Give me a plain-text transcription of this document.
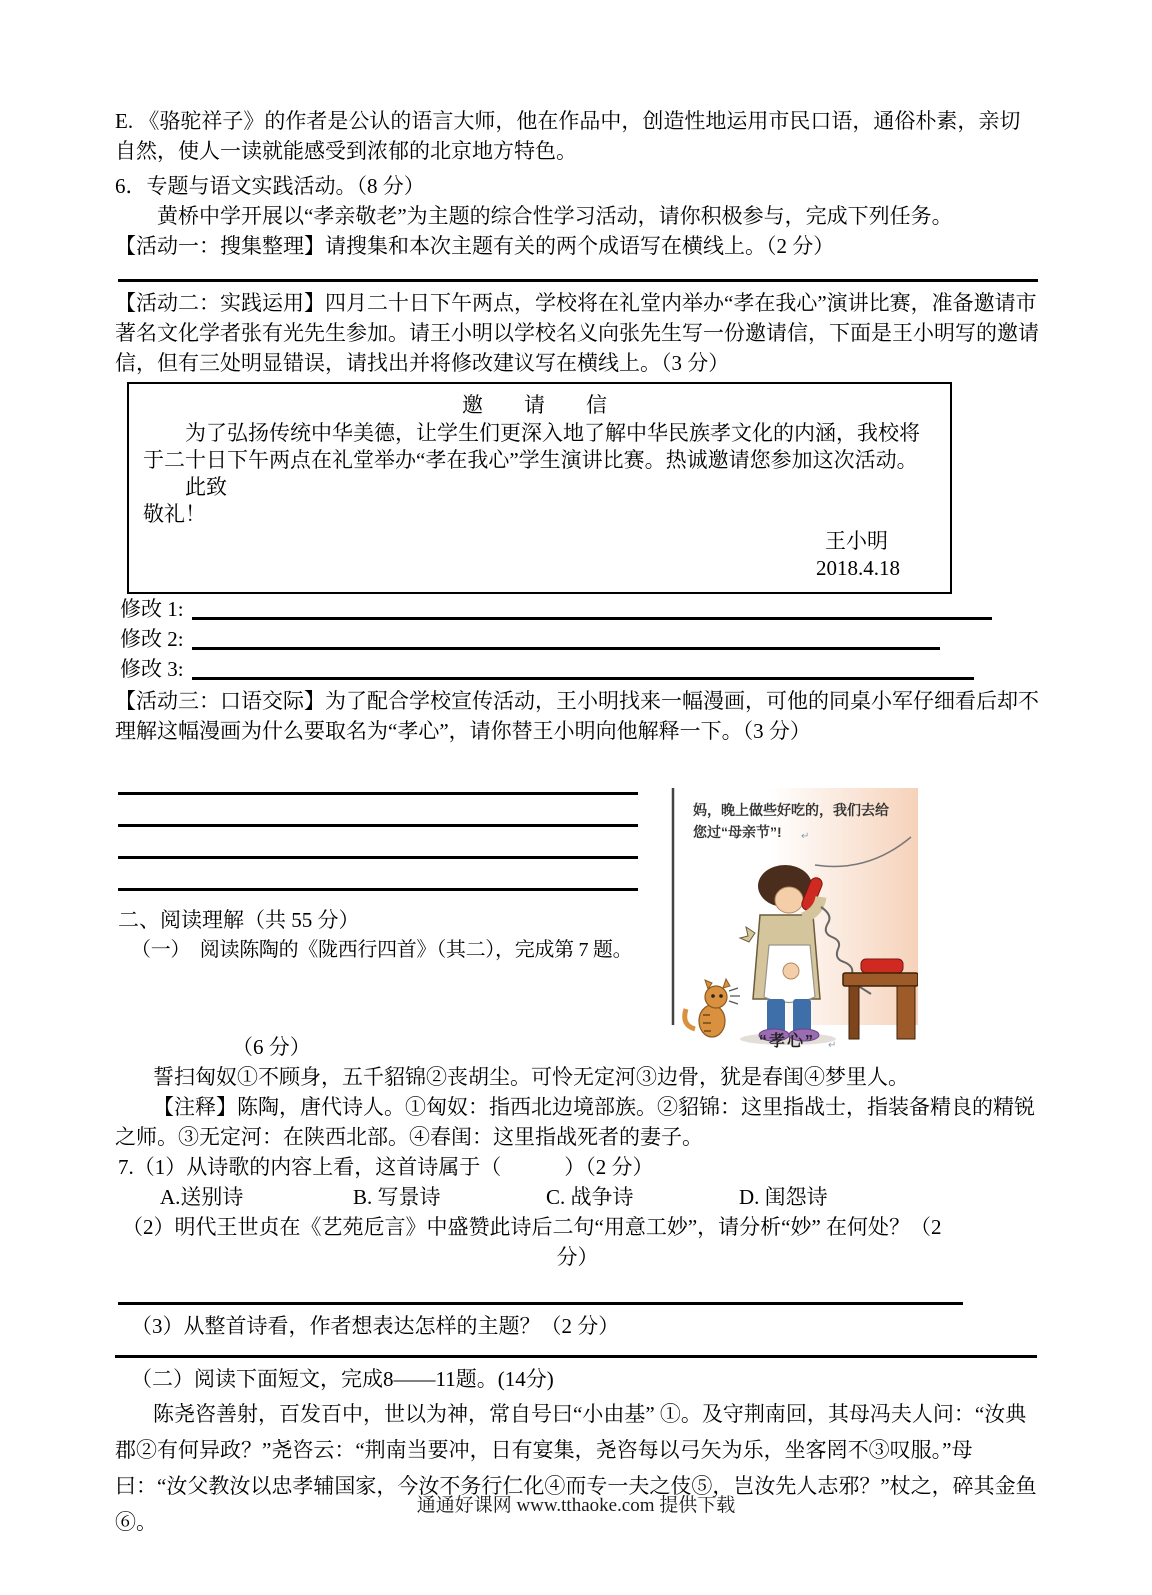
E. 《骆驼祥子》的作者是公认的语言大师，他在作品中，创造性地运用市民口语，通俗朴素，亲切自然，使人一读就能感受到浓郁的北京地方特色。

6．专题与语文实践活动。（8 分）

黄桥中学开展以“孝亲敬老”为主题的综合性学习活动，请你积极参与，完成下列任务。

【活动一：搜集整理】请搜集和本次主题有关的两个成语写在横线上。（2 分）

【活动二：实践运用】四月二十日下午两点，学校将在礼堂内举办“孝在我心”演讲比赛，准备邀请市著名文化学者张有光先生参加。请王小明以学校名义向张先生写一份邀请信，下面是王小明写的邀请信，但有三处明显错误，请找出并将修改建议写在横线上。（3 分）

邀　请　信

为了弘扬传统中华美德，让学生们更深入地了解中华民族孝文化的内涵，我校将于二十日下午两点在礼堂举办“孝在我心”学生演讲比赛。热诚邀请您参加这次活动。

此致

敬礼！

王小明

2018.4.18

修改 1:
修改 2:
修改 3:

【活动三：口语交际】为了配合学校宣传活动，王小明找来一幅漫画，可他的同桌小军仔细看后却不理解这幅漫画为什么要取名为“孝心”，请你替王小明向他解释一下。（3 分）

妈，晚上做些好吃的，我们去给
您过“母亲节”! ↵
“孝心” ↵

二、阅读理解（共 55 分）

（一）　阅读陈陶的《陇西行四首》（其二），完成第 7 题。

（6 分）

誓扫匈奴①不顾身，五千貂锦②丧胡尘。可怜无定河③边骨，犹是春闺④梦里人。

【注释】陈陶，唐代诗人。①匈奴：指西北边境部族。②貂锦：这里指战士，指装备精良的精锐之师。③无定河：在陕西北部。④春闺：这里指战死者的妻子。

7.（1）从诗歌的内容上看，这首诗属于（　　　）（2 分）

A.送别诗	B. 写景诗	C. 战争诗	D. 闺怨诗

（2）明代王世贞在《艺苑卮言》中盛赞此诗后二句“用意工妙”，请分析“妙” 在何处？（2

分）

（3）从整首诗看，作者想表达怎样的主题？（2 分）

（二）阅读下面短文，完成8——11题。(14分)

陈尧咨善射，百发百中，世以为神，常自号曰“小由基” ①。及守荆南回，其母冯夫人问：“汝典郡②有何异政？”尧咨云：“荆南当要冲，日有宴集，尧咨每以弓矢为乐，坐客罔不③叹服。”母曰：“汝父教汝以忠孝辅国家，今汝不务行仁化④而专一夫之伎⑤，岂汝先人志邪？”杖之，碎其金鱼⑥。

通通好课网 www.tthaoke.com 提供下载
